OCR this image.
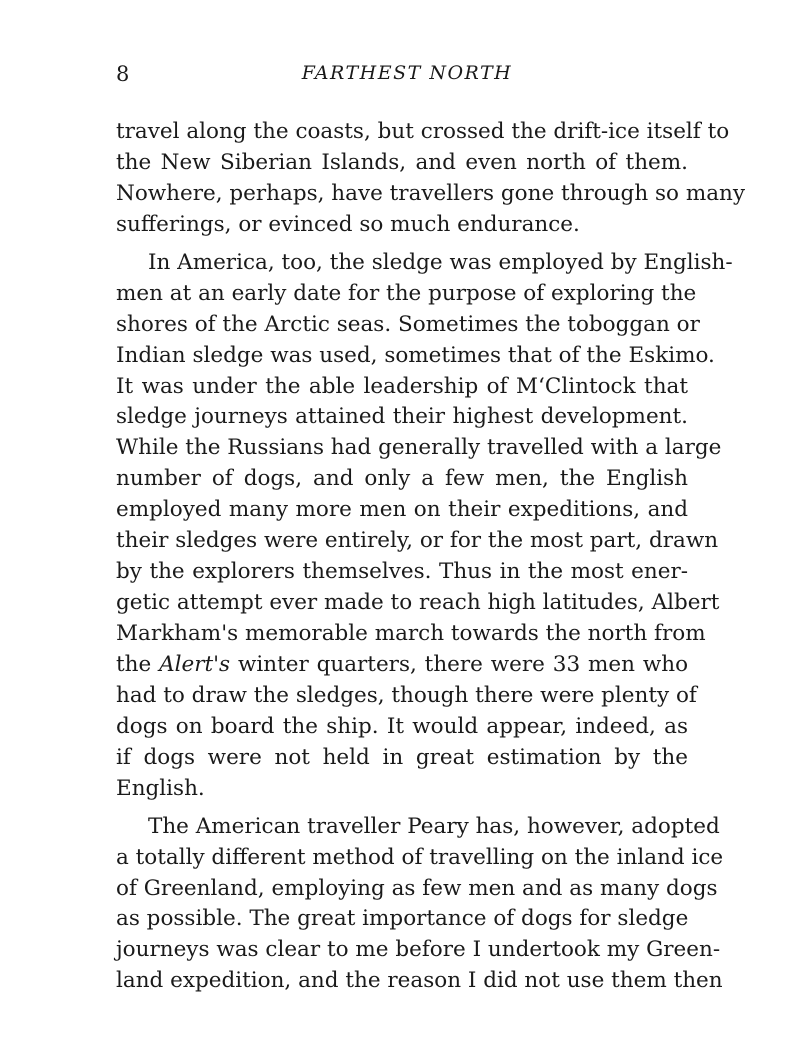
8	FARTHEST NORTH
travel along the coasts, but crossed the drift-ice itself to
the New Siberian Islands, and even north of them.
Nowhere, perhaps, have travellers gone through so many
sufferings, or evinced so much endurance.
In America, too, the sledge was employed by English-
men at an early date for the purpose of exploring the
shores of the Arctic seas. Sometimes the toboggan or
Indian sledge was used, sometimes that of the Eskimo.
It was under the able leadership of M‘Clintock that
sledge journeys attained their highest development.
While the Russians had generally travelled with a large
number of dogs, and only a few men, the English
employed many more men on their expeditions, and
their sledges were entirely, or for the most part, drawn
by the explorers themselves. Thus in the most ener-
getic attempt ever made to reach high latitudes, Albert
Markham's memorable march towards the north from
the Alert's winter quarters, there were 33 men who
had to draw the sledges, though there were plenty of
dogs on board the ship. It would appear, indeed, as
if dogs were not held in great estimation by the
English.
The American traveller Peary has, however, adopted
a totally different method of travelling on the inland ice
of Greenland, employing as few men and as many dogs
as possible. The great importance of dogs for sledge
journeys was clear to me before I undertook my Green-
land expedition, and the reason I did not use them then
